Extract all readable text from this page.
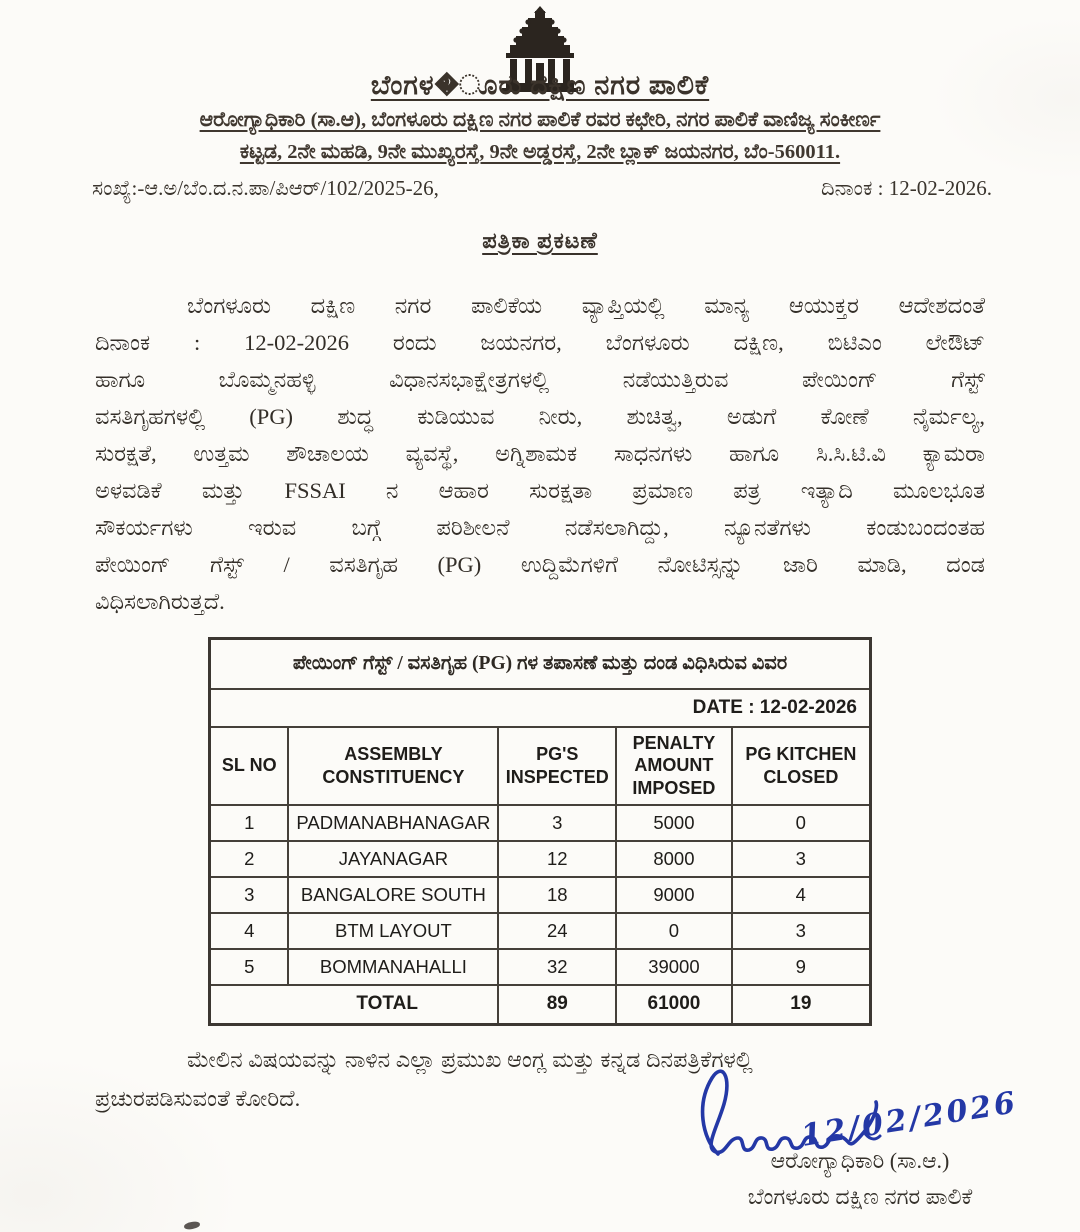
ಬೆಂಗಳ�ೂರು ದಕ್ಷಿಣ ನಗರ ಪಾಲಿಕೆ
ಆರೋಗ್ಯಾಧಿಕಾರಿ (ಸಾ.ಆ), ಬೆಂಗಳೂರು ದಕ್ಷಿಣ ನಗರ ಪಾಲಿಕೆ ರವರ ಕಛೇರಿ, ನಗರ ಪಾಲಿಕೆ ವಾಣಿಜ್ಯ ಸಂಕೀರ್ಣ
ಕಟ್ಟಡ, 2ನೇ ಮಹಡಿ, 9ನೇ ಮುಖ್ಯರಸ್ತೆ, 9ನೇ ಅಡ್ಡರಸ್ತೆ, 2ನೇ ಬ್ಲಾಕ್ ಜಯನಗರ, ಬೆಂ-560011.
ಸಂಖ್ಯೆ:-ಆ.ಅ/ಬೆಂ.ದ.ನ.ಪಾ/ಪಿಆರ್/102/2025-26,	ದಿನಾಂಕ : 12-02-2026.
ಪತ್ರಿಕಾ ಪ್ರಕಟಣೆ
ಬೆಂಗಳೂರು ದಕ್ಷಿಣ ನಗರ ಪಾಲಿಕೆಯ ವ್ಯಾಪ್ತಿಯಲ್ಲಿ ಮಾನ್ಯ ಆಯುಕ್ತರ ಆದೇಶದಂತೆ
ದಿನಾಂಕ : 12-02-2026 ರಂದು ಜಯನಗರ, ಬೆಂಗಳೂರು ದಕ್ಷಿಣ, ಬಿಟಿಎಂ ಲೇಔಟ್
ಹಾಗೂ ಬೊಮ್ಮನಹಳ್ಳಿ ವಿಧಾನಸಭಾಕ್ಷೇತ್ರಗಳಲ್ಲಿ ನಡೆಯುತ್ತಿರುವ ಪೇಯಿಂಗ್ ಗೆಸ್ಟ್
ವಸತಿಗೃಹಗಳಲ್ಲಿ (PG) ಶುದ್ಧ ಕುಡಿಯುವ ನೀರು, ಶುಚಿತ್ವ, ಅಡುಗೆ ಕೋಣೆ ನೈರ್ಮಲ್ಯ,
ಸುರಕ್ಷತೆ, ಉತ್ತಮ ಶೌಚಾಲಯ ವ್ಯವಸ್ಥೆ, ಅಗ್ನಿಶಾಮಕ ಸಾಧನಗಳು ಹಾಗೂ ಸಿ.ಸಿ.ಟಿ.ವಿ ಕ್ಯಾಮರಾ
ಅಳವಡಿಕೆ ಮತ್ತು FSSAI ನ ಆಹಾರ ಸುರಕ್ಷತಾ ಪ್ರಮಾಣ ಪತ್ರ ಇತ್ಯಾದಿ ಮೂಲಭೂತ
ಸೌಕರ್ಯಗಳು ಇರುವ ಬಗ್ಗೆ ಪರಿಶೀಲನೆ ನಡೆಸಲಾಗಿದ್ದು, ನ್ಯೂನತೆಗಳು ಕಂಡುಬಂದಂತಹ
ಪೇಯಿಂಗ್ ಗೆಸ್ಟ್ / ವಸತಿಗೃಹ (PG) ಉದ್ದಿಮೆಗಳಿಗೆ ನೋಟಿಸ್ಸನ್ನು ಜಾರಿ ಮಾಡಿ, ದಂಡ
ವಿಧಿಸಲಾಗಿರುತ್ತದೆ.
ಪೇಯಿಂಗ್ ಗೆಸ್ಟ್ / ವಸತಿಗೃಹ (PG) ಗಳ ತಪಾಸಣೆ ಮತ್ತು ದಂಡ ವಿಧಿಸಿರುವ ವಿವರ				
DATE : 12-02-2026				
SL NO	ASSEMBLY CONSTITUENCY	PG'S INSPECTED	PENALTY AMOUNT IMPOSED	PG KITCHEN CLOSED
1	PADMANABHANAGAR	3	5000	0
2	JAYANAGAR	12	8000	3
3	BANGALORE SOUTH	18	9000	4
4	BTM LAYOUT	24	0	3
5	BOMMANAHALLI	32	39000	9
TOTAL		89	61000	19
ಮೇಲಿನ ವಿಷಯವನ್ನು ನಾಳಿನ ಎಲ್ಲಾ ಪ್ರಮುಖ ಆಂಗ್ಲ ಮತ್ತು ಕನ್ನಡ ದಿನಪತ್ರಿಕೆಗಳಲ್ಲಿ
ಪ್ರಚುರಪಡಿಸುವಂತೆ ಕೋರಿದೆ.	12/02/2026
ಆರೋಗ್ಯಾಧಿಕಾರಿ (ಸಾ.ಆ.)
ಬೆಂಗಳೂರು ದಕ್ಷಿಣ ನಗರ ಪಾಲಿಕೆ
